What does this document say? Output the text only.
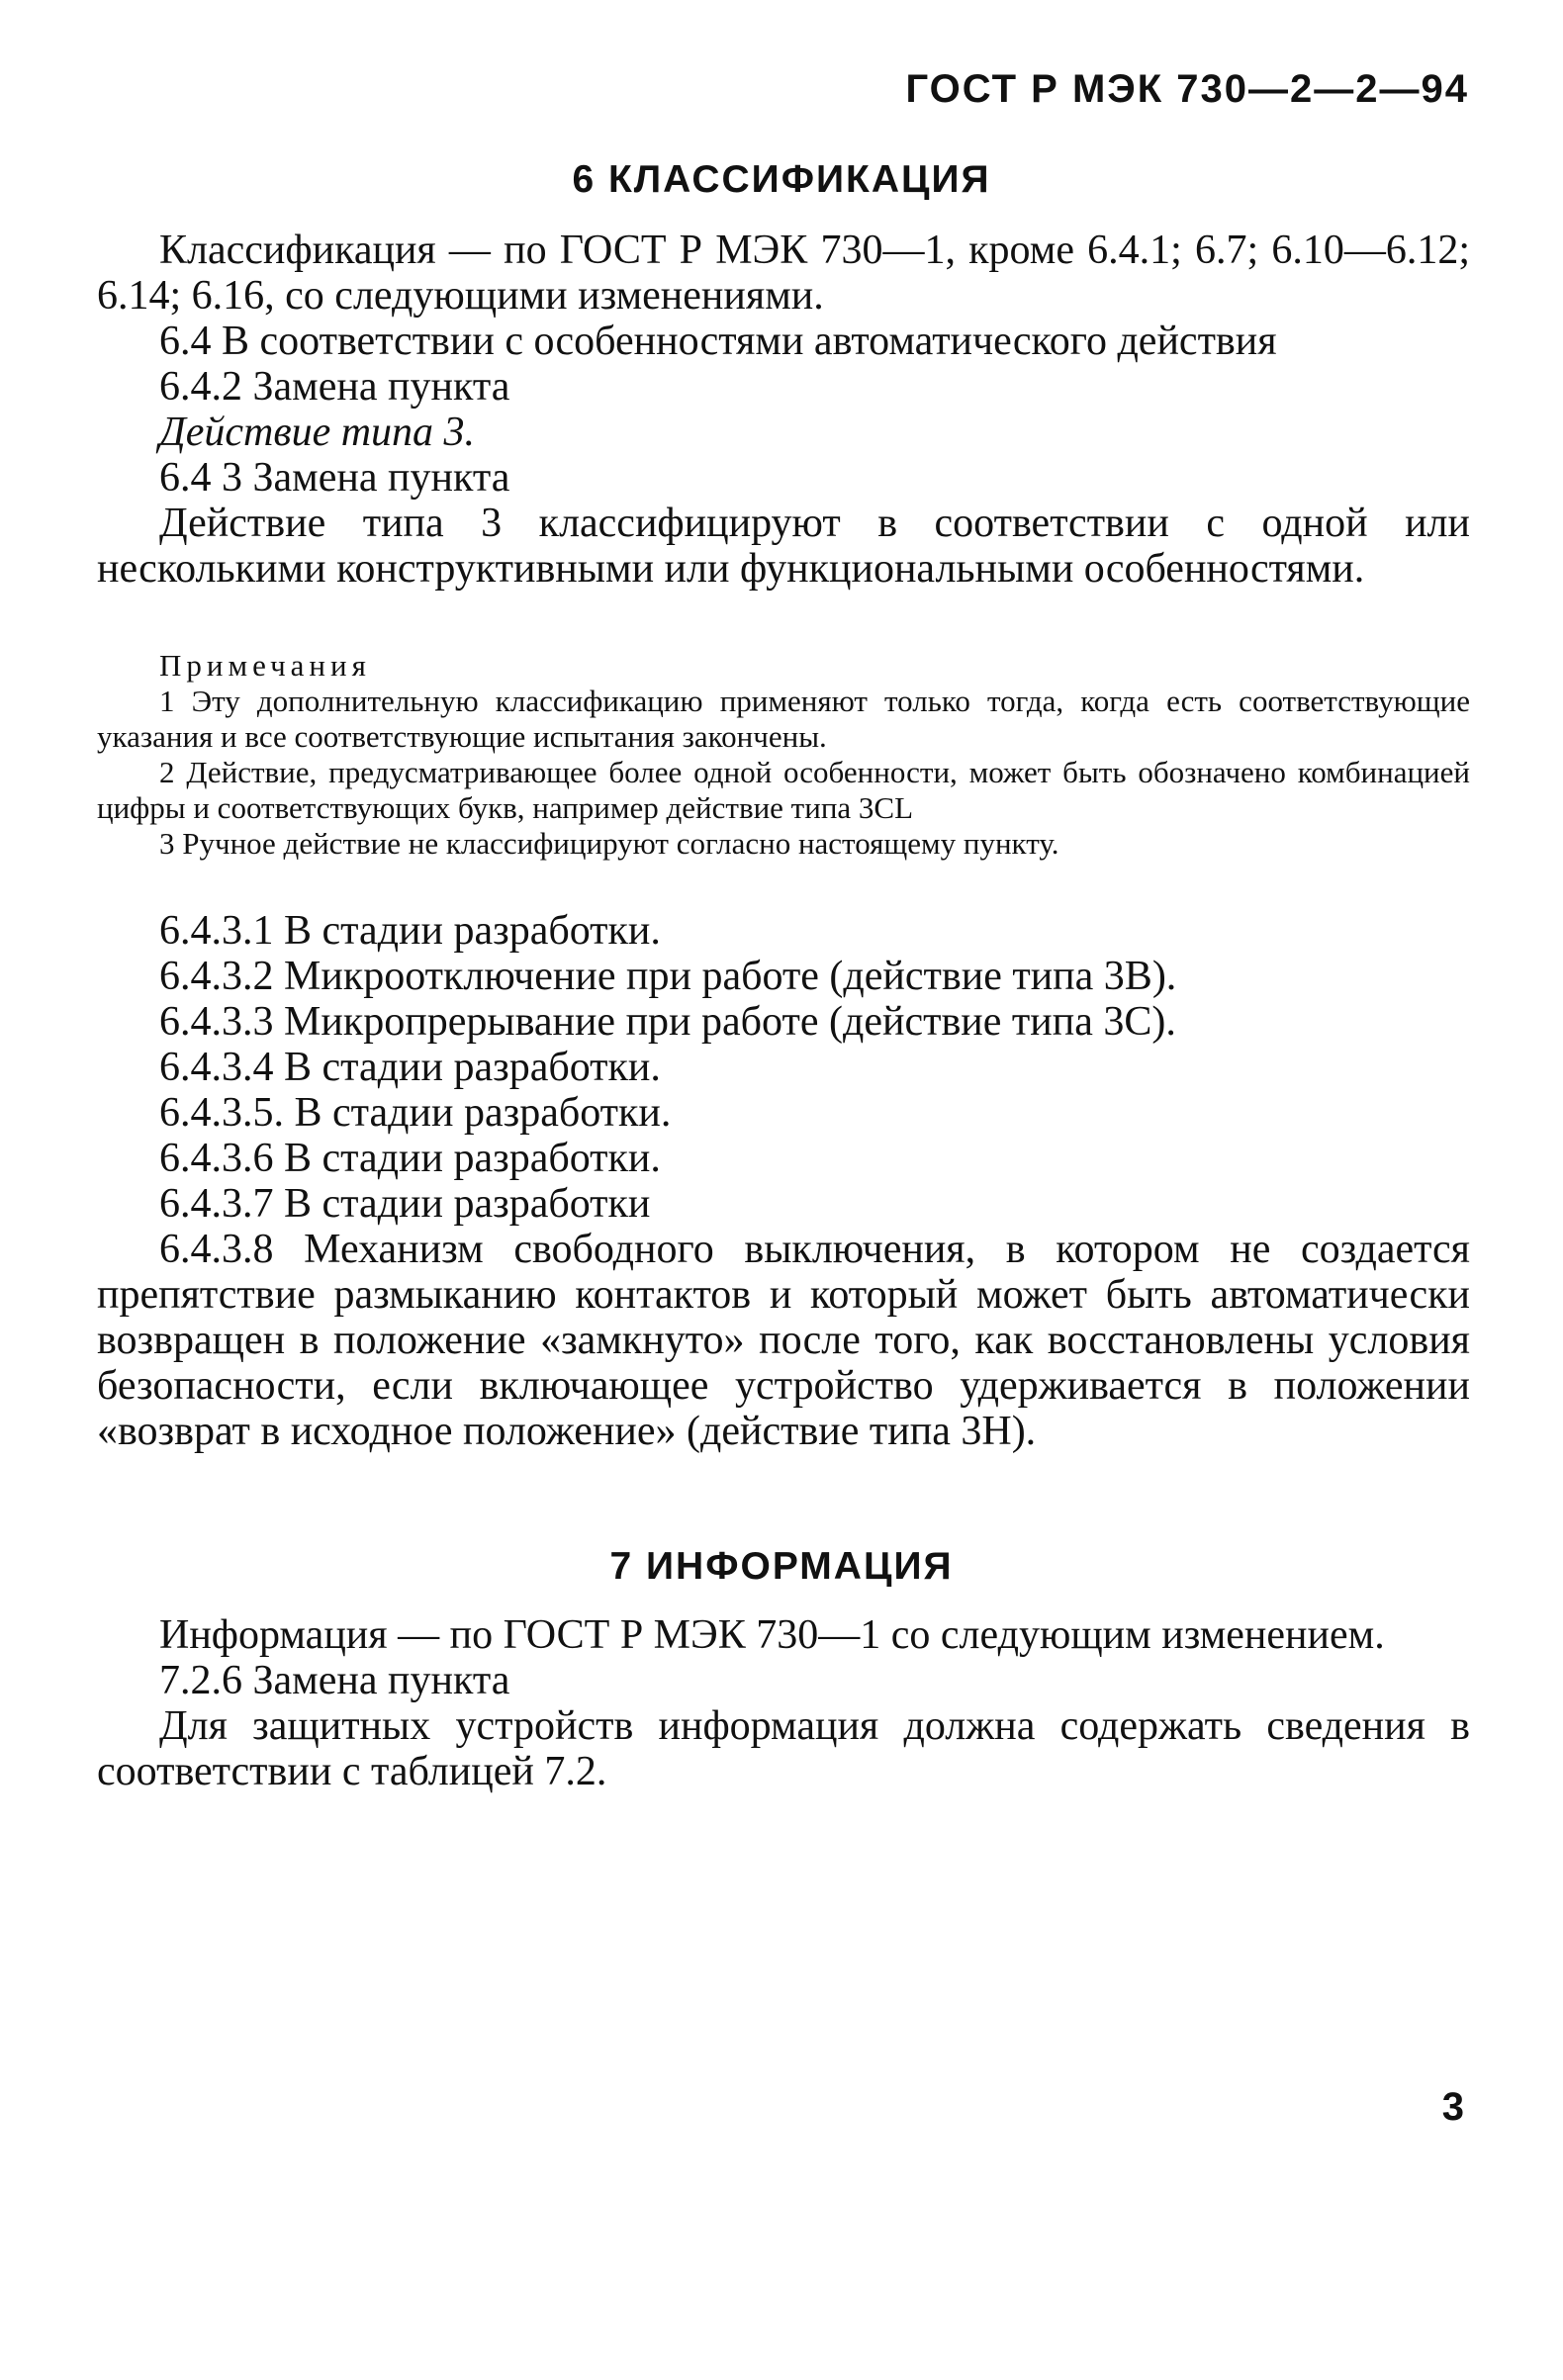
ГОСТ Р МЭК 730—2—2—94

6 КЛАССИФИКАЦИЯ

Классификация — по ГОСТ Р МЭК 730—1, кроме 6.4.1; 6.7; 6.10—6.12; 6.14; 6.16, со следующими изменениями.

6.4 В соответствии с особенностями автоматического действия

6.4.2 Замена пункта

Действие типа 3.

6.4 3 Замена пункта

Действие типа 3 классифицируют в соответствии с одной или несколькими конструктивными или функциональными особенностями.

Примечания

1 Эту дополнительную классификацию применяют только тогда, когда есть соответствующие указания и все соответствующие испытания закончены.

2 Действие, предусматривающее более одной особенности, может быть обозначено комбинацией цифры и соответствующих букв, например действие типа 3CL

3 Ручное действие не классифицируют согласно настоящему пункту.

6.4.3.1 В стадии разработки.

6.4.3.2 Микроотключение при работе (действие типа 3В).

6.4.3.3 Микропрерывание при работе (действие типа 3С).

6.4.3.4 В стадии разработки.

6.4.3.5. В стадии разработки.

6.4.3.6 В стадии разработки.

6.4.3.7 В стадии разработки

6.4.3.8 Механизм свободного выключения, в котором не создается препятствие размыканию контактов и который может быть автоматически возвращен в положение «замкнуто» после того, как восстановлены условия безопасности, если включающее устройство удерживается в положении «возврат в исходное положение» (действие типа 3Н).

7 ИНФОРМАЦИЯ

Информация — по ГОСТ Р МЭК 730—1 со следующим изменением.

7.2.6 Замена пункта

Для защитных устройств информация должна содержать сведения в соответствии с таблицей 7.2.

3
